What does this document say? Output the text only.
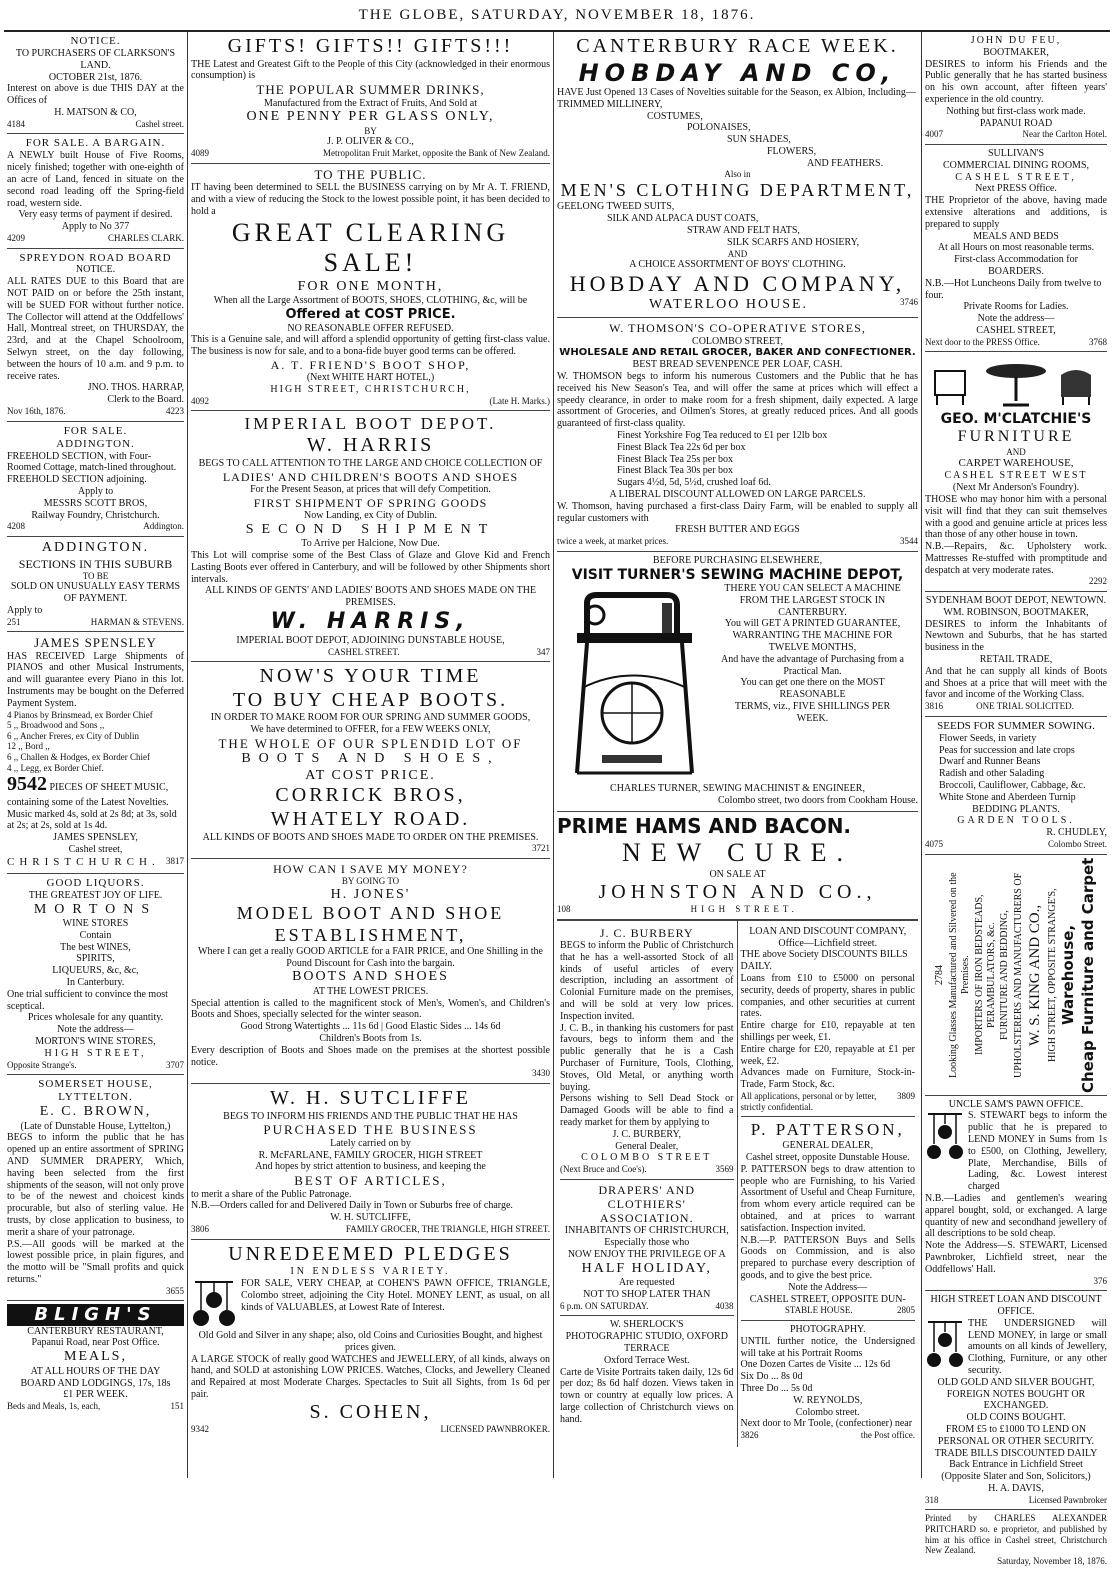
THE GLOBE, SATURDAY, NOVEMBER 18, 1876.
NOTICE.
TO PURCHASERS OF CLARKSON'S LAND.
OCTOBER 21st, 1876.
Interest on above is due THIS DAY at the Offices of
H. MATSON & CO,
4184	Cashel street.
FOR SALE. A BARGAIN.
A NEWLY built House of Five Rooms, nicely finished; together with one-eighth of an acre of Land, fenced in situate on the second road leading off the Spring-field road, western side.
Very easy terms of payment if desired. Apply to No 377
4209	CHARLES CLARK.
SPREYDON ROAD BOARD
NOTICE.
ALL RATES DUE to this Board that are NOT PAID on or before the 25th instant, will be SUED FOR without further notice. The Collector will attend at the Oddfellows' Hall, Montreal street, on THURSDAY, the 23rd, and at the Chapel Schoolroom, Selwyn street, on the day following, between the hours of 10 a.m. and 9 p.m. to receive rates.
JNO. THOS. HARRAP,
Clerk to the Board.
Nov 16th, 1876.	4223
FOR SALE.
ADDINGTON.
FREEHOLD SECTION, with Four-Roomed Cottage, match-lined throughout.
FREEHOLD SECTION adjoining.
Apply to
MESSRS SCOTT BROS,
Railway Foundry, Christchurch.
4208	Addington.
ADDINGTON.
SECTIONS IN THIS SUBURB
TO BE
SOLD ON UNUSUALLY EASY TERMS
OF PAYMENT.
Apply to
251	HARMAN & STEVENS.
JAMES SPENSLEY
HAS RECEIVED Large Shipments of PIANOS and other Musical Instruments, and will guarantee every Piano in this lot. Instruments may be bought on the Deferred Payment System.
4 Pianos by Brinsmead, ex Border Chief
5 ,, Broadwood and Sons ,,
6 ,, Ancher Freres, ex City of Dublin
12 ,, Bord ,,
6 ,, Challen & Hodges, ex Border Chief
4 ,, Legg, ex Border Chief.
9542 PIECES OF SHEET MUSIC, containing some of the Latest Novelties. Music marked 4s, sold at 2s 8d; at 3s, sold at 2s; at 2s, sold at 1s 4d.
JAMES SPENSLEY,
Cashel street,
CHRISTCHURCH. 3817
GOOD LIQUORS.
THE GREATEST JOY OF LIFE.
MORTONS
WINE STORES
Contain
The best WINES,
SPIRITS,
LIQUEURS, &c, &c,
In Canterbury.
One trial sufficient to convince the most sceptical.
Prices wholesale for any quantity.
Note the address—
MORTON'S WINE STORES,
HIGH STREET,
Opposite Strange's.	3707
SOMERSET HOUSE, LYTTELTON.
E. C. BROWN,
(Late of Dunstable House, Lyttelton,)
BEGS to inform the public that he has opened up an entire assortment of SPRING AND SUMMER DRAPERY, Which, having been selected from the first shipments of the season, will not only prove to be of the newest and choicest kinds procurable, but also of sterling value. He trusts, by close application to business, to merit a share of your patronage.
P.S.—All goods will be marked at the lowest possible price, in plain figures, and the motto will be "Small profits and quick returns."
3655
BLIGH'S
CANTERBURY RESTAURANT,
Papanui Road, near Post Office.
MEALS,
AT ALL HOURS OF THE DAY
BOARD AND LODGINGS, 17s, 18s
£1 PER WEEK.
Beds and Meals, 1s, each,	151
GIFTS! GIFTS!! GIFTS!!!
THE Latest and Greatest Gift to the People of this City (acknowledged in their enormous consumption) is
THE POPULAR SUMMER DRINKS,
Manufactured from the Extract of Fruits, And Sold at
ONE PENNY PER GLASS ONLY,
BY
J. P. OLIVER & CO.,
4089	Metropolitan Fruit Market, opposite the Bank of New Zealand.
TO THE PUBLIC.
IT having been determined to SELL the BUSINESS carrying on by Mr A. T. FRIEND, and with a view of reducing the Stock to the lowest possible point, it has been decided to hold a
GREAT CLEARING SALE!
FOR ONE MONTH,
When all the Large Assortment of BOOTS, SHOES, CLOTHING, &c, will be
Offered at COST PRICE.
NO REASONABLE OFFER REFUSED.
This is a Genuine sale, and will afford a splendid opportunity of getting first-class value. The business is now for sale, and to a bona-fide buyer good terms can be offered.
A. T. FRIEND'S BOOT SHOP,
(Next WHITE HART HOTEL,)
HIGH STREET, CHRISTCHURCH,
4092	(Late H. Marks.)
IMPERIAL BOOT DEPOT.
W. HARRIS
BEGS TO CALL ATTENTION TO THE LARGE AND CHOICE COLLECTION OF
LADIES' AND CHILDREN'S BOOTS AND SHOES
For the Present Season, at prices that will defy Competition.
FIRST SHIPMENT OF SPRING GOODS
Now Landing, ex City of Dublin.
SECOND SHIPMENT
To Arrive per Halcione, Now Due.
This Lot will comprise some of the Best Class of Glaze and Glove Kid and French Lasting Boots ever offered in Canterbury, and will be followed by other Shipments short intervals.
ALL KINDS OF GENTS' AND LADIES' BOOTS AND SHOES MADE ON THE PREMISES.
W. HARRIS,
IMPERIAL BOOT DEPOT, ADJOINING DUNSTABLE HOUSE,
CASHEL STREET.	347
NOW'S YOUR TIME
TO BUY CHEAP BOOTS.
IN ORDER TO MAKE ROOM FOR OUR SPRING AND SUMMER GOODS,
We have determined to OFFER, for a FEW WEEKS ONLY,
THE WHOLE OF OUR SPLENDID LOT OF
BOOTS AND SHOES,
AT COST PRICE.
CORRICK BROS,
WHATELY ROAD.
ALL KINDS OF BOOTS AND SHOES MADE TO ORDER ON THE PREMISES.
3721
HOW CAN I SAVE MY MONEY?
BY GOING TO
H. JONES'
MODEL BOOT AND SHOE
ESTABLISHMENT,
Where I can get a really GOOD ARTICLE for a FAIR PRICE, and One Shilling in the Pound Discount for Cash into the bargain.
BOOTS AND SHOES
AT THE LOWEST PRICES.
Special attention is called to the magnificent stock of Men's, Women's, and Children's Boots and Shoes, specially selected for the winter season.
Good Strong Watertights ... 11s 6d | Good Elastic Sides ... 14s 6d
Children's Boots from 1s.
Every description of Boots and Shoes made on the premises at the shortest possible notice.
3430
W. H. SUTCLIFFE
BEGS TO INFORM HIS FRIENDS AND THE PUBLIC THAT HE HAS
PURCHASED THE BUSINESS
Lately carried on by
R. McFARLANE, FAMILY GROCER, HIGH STREET
And hopes by strict attention to business, and keeping the
BEST OF ARTICLES,
to merit a share of the Public Patronage.
N.B.—Orders called for and Delivered Daily in Town or Suburbs free of charge.
W. H. SUTCLIFFE,
3806	FAMILY GROCER, THE TRIANGLE, HIGH STREET.
UNREDEEMED PLEDGES
IN ENDLESS VARIETY.
FOR SALE, VERY CHEAP, at COHEN'S PAWN OFFICE, TRIANGLE, Colombo street, adjoining the City Hotel. MONEY LENT, as usual, on all kinds of VALUABLES, at Lowest Rate of Interest.
Old Gold and Silver in any shape; also, old Coins and Curiosities Bought, and highest prices given.
A LARGE STOCK of really good WATCHES and JEWELLERY, of all kinds, always on hand, and SOLD at astonishing LOW PRICES. Watches, Clocks, and Jewellery Cleaned and Repaired at most Moderate Charges. Spectacles to Suit all Sights, from 1s 6d per pair.
S. COHEN,
9342	LICENSED PAWNBROKER.
CANTERBURY RACE WEEK.
HOBDAY AND CO,
HAVE Just Opened 13 Cases of Novelties suitable for the Season, ex Albion, Including—
TRIMMED MILLINERY,
COSTUMES,
POLONAISES,
SUN SHADES,
FLOWERS,
AND FEATHERS.
Also in
MEN'S CLOTHING DEPARTMENT,
GEELONG TWEED SUITS,
SILK AND ALPACA DUST COATS,
STRAW AND FELT HATS,
SILK SCARFS AND HOSIERY,
AND
A CHOICE ASSORTMENT OF BOYS' CLOTHING.
HOBDAY AND COMPANY,
WATERLOO HOUSE.	3746
W. THOMSON'S CO-OPERATIVE STORES,
COLOMBO STREET,
WHOLESALE AND RETAIL GROCER, BAKER AND CONFECTIONER.
BEST BREAD SEVENPENCE PER LOAF, CASH.
W. THOMSON begs to inform his numerous Customers and the Public that he has received his New Season's Tea, and will offer the same at prices which will effect a speedy clearance, in order to make room for a fresh shipment, daily expected. A large assortment of Groceries, and Oilmen's Stores, at greatly reduced prices. And all goods guaranteed of first-class quality.
Finest Yorkshire Fog Tea reduced to £1 per 12lb box
Finest Black Tea 22s 6d per box
Finest Black Tea 25s per box
Finest Black Tea 30s per box
Sugars 4½d, 5d, 5½d, crushed loaf 6d.
A LIBERAL DISCOUNT ALLOWED ON LARGE PARCELS.
W. Thomson, having purchased a first-class Dairy Farm, will be enabled to supply all regular customers with
FRESH BUTTER AND EGGS
twice a week, at market prices.	3544
BEFORE PURCHASING ELSEWHERE,
VISIT TURNER'S SEWING MACHINE DEPOT,
THERE YOU CAN SELECT A MACHINE
FROM THE LARGEST STOCK IN
CANTERBURY.
You will GET A PRINTED GUARANTEE,
WARRANTING THE MACHINE FOR
TWELVE MONTHS,
And have the advantage of Purchasing from a
Practical Man.
You can get one there on the MOST REASONABLE
TERMS, viz., FIVE SHILLINGS PER
WEEK.
CHARLES TURNER, SEWING MACHINIST & ENGINEER,
Colombo street, two doors from Cookham House.
PRIME HAMS AND BACON.
NEW CURE.
ON SALE AT
JOHNSTON AND CO.,
108	HIGH STREET.
J. C. BURBERY
BEGS to inform the Public of Christchurch that he has a well-assorted Stock of all kinds of useful articles of every description, including an assortment of Colonial Furniture made on the premises, and will be sold at very low prices. Inspection invited.
J. C. B., in thanking his customers for past favours, begs to inform them and the public generally that he is a Cash Purchaser of Furniture, Tools, Clothing, Stoves, Old Metal, or anything worth buying.
Persons wishing to Sell Dead Stock or Damaged Goods will be able to find a ready market for them by applying to
J. C. BURBERY,
General Dealer,
COLOMBO STREET
(Next Bruce and Coe's).	3569
DRAPERS' AND CLOTHIERS' ASSOCIATION.
INHABITANTS OF CHRISTCHURCH,
Especially those who
NOW ENJOY THE PRIVILEGE OF A
HALF HOLIDAY,
Are requested
NOT TO SHOP LATER THAN
6 p.m. ON SATURDAY.	4038
W. SHERLOCK'S
PHOTOGRAPHIC STUDIO, OXFORD TERRACE
Oxford Terrace West.
Carte de Visite Portraits taken daily, 12s 6d per doz; 8s 6d half dozen. Views taken in town or country at equally low prices. A large collection of Christchurch views on hand.
LOAN AND DISCOUNT COMPANY,
Office—Lichfield street.
THE above Society DISCOUNTS BILLS DAILY.
Loans from £10 to £5000 on personal security, deeds of property, shares in public companies, and other securities at current rates.
Entire charge for £10, repayable at ten shillings per week, £1.
Entire charge for £20, repayable at £1 per week, £2.
Advances made on Furniture, Stock-in-Trade, Farm Stock, &c.
All applications, personal or by letter, strictly confidential.
3809
P. PATTERSON,
GENERAL DEALER,
Cashel street, opposite Dunstable House.
P. PATTERSON begs to draw attention to people who are Furnishing, to his Varied Assortment of Useful and Cheap Furniture, from whom every article required can be obtained, and at prices to warrant satisfaction. Inspection invited.
N.B.—P. PATTERSON Buys and Sells Goods on Commission, and is also prepared to purchase every description of goods, and to give the best price.
Note the Address—
CASHEL STREET, OPPOSITE DUN-
STABLE HOUSE.	2805
PHOTOGRAPHY.
UNTIL further notice, the Undersigned will take at his Portrait Rooms
One Dozen Cartes de Visite ... 12s 6d
Six Do ... 8s 0d
Three Do ... 5s 0d
W. REYNOLDS,
Colombo street.
Next door to Mr Toole, (confectioner) near
3826	the Post office.
JOHN DU FEU,
BOOTMAKER,
DESIRES to inform his Friends and the Public generally that he has started business on his own account, after fifteen years' experience in the old country.
Nothing but first-class work made.
PAPANUI ROAD
4007	Near the Carlton Hotel.
SULLIVAN'S
COMMERCIAL DINING ROOMS,
CASHEL STREET,
Next PRESS Office.
THE Proprietor of the above, having made extensive alterations and additions, is prepared to supply
MEALS AND BEDS
At all Hours on most reasonable terms.
First-class Accommodation for BOARDERS.
N.B.—Hot Luncheons Daily from twelve to four.
Private Rooms for Ladies.
Note the address—
CASHEL STREET,
Next door to the PRESS Office.	3768
GEO. M'CLATCHIE'S
FURNITURE
AND
CARPET WAREHOUSE,
CASHEL STREET WEST
(Next Mr Anderson's Foundry).
THOSE who may honor him with a personal visit will find that they can suit themselves with a good and genuine article at prices less than those of any other house in town.
N.B.—Repairs, &c. Upholstery work. Mattresses Re-stuffed with promptitude and despatch at very moderate rates.
2292
SYDENHAM BOOT DEPOT, NEWTOWN.
WM. ROBINSON, BOOTMAKER,
DESIRES to inform the Inhabitants of Newtown and Suburbs, that he has started business in the
RETAIL TRADE,
And that he can supply all kinds of Boots and Shoes at a price that will meet with the favor and income of the Working Class.
3816	ONE TRIAL SOLICITED.
SEEDS FOR SUMMER SOWING.
Flower Seeds, in variety
Peas for succession and late crops
Dwarf and Runner Beans
Radish and other Salading
Broccoli, Cauliflower, Cabbage, &c.
White Stone and Aberdeen Turnip
BEDDING PLANTS.
GARDEN TOOLS.
R. CHUDLEY,
4075	Colombo Street.
Cheap Furniture and Carpet
Warehouse,
HIGH STREET, OPPOSITE STRANGE'S,
W. S. KING AND CO.,
UPHOLSTERERS AND MANUFACTURERS OF
FURNITURE AND BEDDING,
IMPORTERS OF IRON BEDSTEADS, PERAMBULATORS, &c.
Looking Glasses Manufactured and Silvered on the Premises.
2784
UNCLE SAM'S PAWN OFFICE.
S. STEWART begs to inform the public that he is prepared to LEND MONEY in Sums from 1s to £500, on Clothing, Jewellery, Plate, Merchandise, Bills of Lading, &c. Lowest interest charged
N.B.—Ladies and gentlemen's wearing apparel bought, sold, or exchanged. A large quantity of new and secondhand jewellery of all descriptions to be sold cheap.
Note the Address—S. STEWART, Licensed Pawnbroker, Lichfield street, near the Oddfellows' Hall.
376
HIGH STREET LOAN AND DISCOUNT OFFICE.
THE UNDERSIGNED will LEND MONEY, in large or small amounts on all kinds of Jewellery, Clothing, Furniture, or any other security.
OLD GOLD AND SILVER BOUGHT, FOREIGN NOTES BOUGHT OR EXCHANGED.
OLD COINS BOUGHT.
FROM £5 to £1000 TO LEND ON PERSONAL OR OTHER SECURITY.
TRADE BILLS DISCOUNTED DAILY
Back Entrance in Lichfield Street
(Opposite Slater and Son, Solicitors,)
H. A. DAVIS,
318	Licensed Pawnbroker
Printed by CHARLES ALEXANDER PRITCHARD so. e proprietor, and published by him at his office in Cashel street, Christchurch New Zealand.
Saturday, November 18, 1876.
